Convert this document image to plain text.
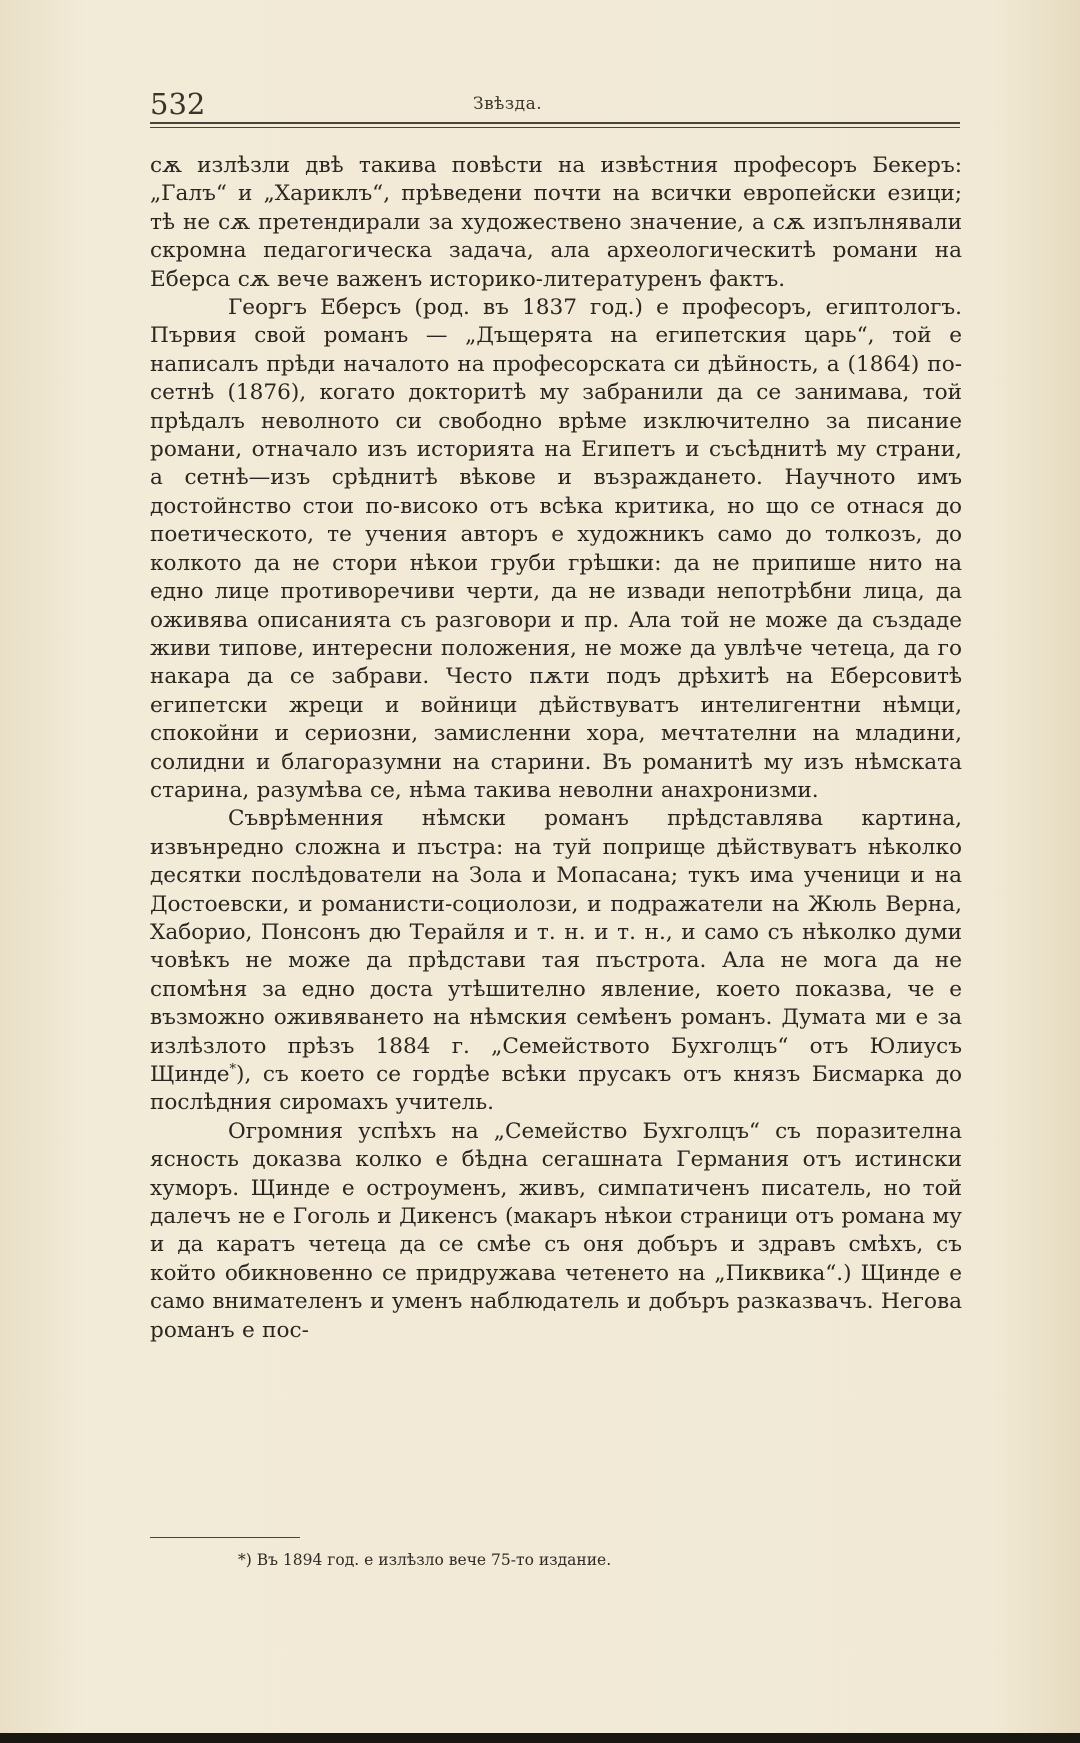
532	Звѣзда.

сѫ излѣзли двѣ такива повѣсти на извѣстния професоръ Бекеръ: „Галъ“ и „Хариклъ“, прѣведени почти на всички европейски езици; тѣ не сѫ претендирали за художествено значение, а сѫ изпълнявали скромна педагогическа задача, ала археологическитѣ романи на Еберса сѫ вече важенъ историко-литературенъ фактъ.

Георгъ Еберсъ (род. въ 1837 год.) е професоръ, египтологъ. Първия свой романъ — „Дъщерята на египетския царь“, той е написалъ прѣди началото на професорската си дѣйность, а (1864) по-сетнѣ (1876), когато докторитѣ му забранили да се занимава, той прѣдалъ неволното си свободно врѣме изключително за писание романи, отначало изъ историята на Египетъ и съсѣднитѣ му страни, а сетнѣ—изъ срѣднитѣ вѣкове и възраждането. Научното имъ достойнство стои по-високо отъ всѣка критика, но що се отнася до поетическото, те учения авторъ е художникъ само до толкозъ, до колкото да не стори нѣкои груби грѣшки: да не припише нито на едно лице противоречиви черти, да не извади непотрѣбни лица, да оживява описанията съ разговори и пр. Ала той не може да създаде живи типове, интересни положения, не може да увлѣче четеца, да го накара да се забрави. Често пѫти подъ дрѣхитѣ на Еберсовитѣ египетски жреци и войници дѣйствуватъ интелигентни нѣмци, спокойни и сериозни, замисленни хора, мечтателни на младини, солидни и благоразумни на старини. Въ романитѣ му изъ нѣмската старина, разумѣва се, нѣма такива неволни анахронизми.

Съврѣменния нѣмски романъ прѣдставлява картина, извънредно сложна и пъстра: на туй поприще дѣйствуватъ нѣколко десятки послѣдователи на Зола и Мопасана; тукъ има ученици и на Достоевски, и романисти-социолози, и подражатели на Жюль Верна, Хаборио, Понсонъ дю Терайля и т. н. и т. н., и само съ нѣколко думи човѣкъ не може да прѣдстави тая пъстрота. Ала не мога да не спомѣня за едно доста утѣшително явление, което показва, че е възможно оживяването на нѣмския семѣенъ романъ. Думата ми е за излѣзлото прѣзъ 1884 г. „Семейството Бухголцъ“ отъ Юлиусъ Щинде*), съ което се гордѣе всѣки прусакъ отъ князъ Бисмарка до послѣдния сиромахъ учитель.

Огромния успѣхъ на „Семейство Бухголцъ“ съ поразителна ясность доказва колко е бѣдна сегашната Германия отъ истински хуморъ. Щинде е остроуменъ, живъ, симпатиченъ писатель, но той далечъ не е Гоголь и Дикенсъ (макаръ нѣкои страници отъ романа му и да каратъ четеца да се смѣе съ оня добъръ и здравъ смѣхъ, съ който обикновенно се придружава четенето на „Пиквика“.) Щинде е само внимателенъ и уменъ наблюдатель и добъръ разказвачъ. Негова романъ е пос-

*) Въ 1894 год. е излѣзло вече 75-то издание.
